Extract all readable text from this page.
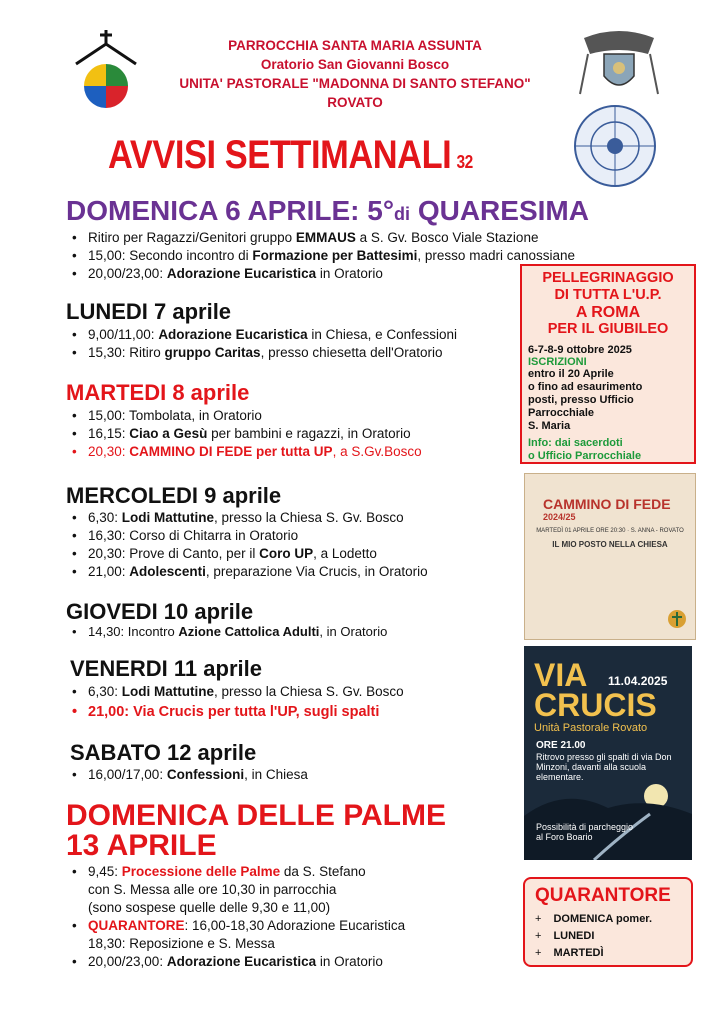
PARROCCHIA SANTA MARIA ASSUNTA
Oratorio San Giovanni Bosco
UNITA' PASTORALE "MADONNA DI SANTO STEFANO"
ROVATO
AVVISI SETTIMANALI 32
DOMENICA 6 APRILE: 5°di QUARESIMA
• Ritiro per Ragazzi/Genitori gruppo EMMAUS a S. Gv. Bosco Viale Stazione
• 15,00: Secondo incontro di Formazione per Battesimi, presso madri canossiane
• 20,00/23,00: Adorazione Eucaristica in Oratorio
LUNEDI 7 aprile
• 9,00/11,00: Adorazione Eucaristica in Chiesa, e Confessioni
• 15,30: Ritiro gruppo Caritas, presso chiesetta dell'Oratorio
MARTEDI 8 aprile
• 15,00: Tombolata, in Oratorio
• 16,15: Ciao a Gesù per bambini e ragazzi, in Oratorio
• 20,30: CAMMINO DI FEDE per tutta UP, a S.Gv.Bosco
MERCOLEDI 9 aprile
• 6,30: Lodi Mattutine, presso la Chiesa S. Gv. Bosco
• 16,30: Corso di Chitarra in Oratorio
• 20,30: Prove di Canto, per il Coro UP, a Lodetto
• 21,00: Adolescenti, preparazione Via Crucis, in Oratorio
GIOVEDI 10 aprile
• 14,30: Incontro Azione Cattolica Adulti, in Oratorio
VENERDI 11 aprile
• 6,30: Lodi Mattutine, presso la Chiesa S. Gv. Bosco
• 21,00: Via Crucis per tutta l'UP, sugli spalti
SABATO 12 aprile
• 16,00/17,00: Confessioni, in Chiesa
DOMENICA DELLE PALME
13 APRILE
• 9,45: Processione delle Palme da S. Stefano
con S. Messa alle ore 10,30 in parrocchia
(sono sospese quelle delle 9,30 e 11,00)
• QUARANTORE: 16,00-18,30 Adorazione Eucaristica
18,30: Reposizione e S. Messa
• 20,00/23,00: Adorazione Eucaristica in Oratorio
PELLEGRINAGGIO
DI TUTTA L'U.P.
A ROMA
PER IL GIUBILEO
6-7-8-9 ottobre 2025
ISCRIZIONI
entro il 20 Aprile
o fino ad esaurimento
posti, presso Ufficio
Parrocchiale
S. Maria
Info: dai sacerdoti
o Ufficio Parrocchiale
CAMMINO DI FEDE
2024/25
MARTEDÌ 01 APRILE ORE 20:30 · S. ANNA - ROVATO
IL MIO POSTO NELLA CHIESA
VIA
CRUCIS
11.04.2025
Unità Pastorale Rovato
ORE 21.00
Ritrovo presso gli spalti di via Don Minzoni, davanti alla scuola elementare.
Possibilità di parcheggio al Foro Boario
QUARANTORE
+ DOMENICA pomer.
+ LUNEDI
+ MARTEDÌ
